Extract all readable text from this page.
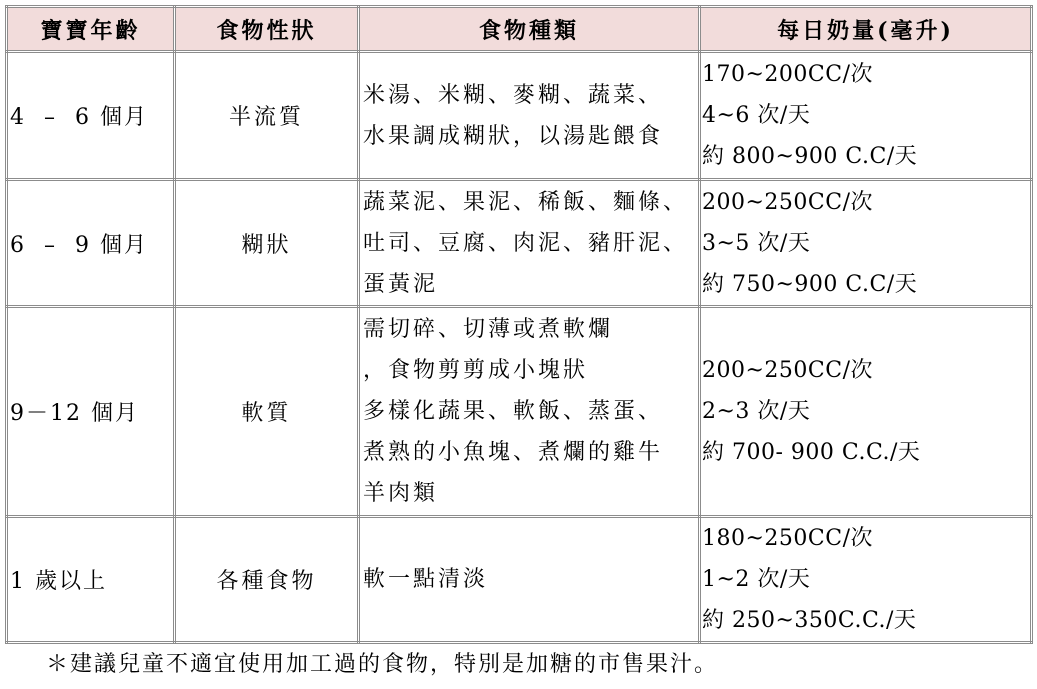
寶寶年齡	食物性狀	食物種類	每日奶量(毫升)
4  –  6 個月	半流質	米湯、米糊、麥糊、蔬菜、
水果調成糊狀，以湯匙餵食	170~200CC/次
4~6 次/天
約 800~900 C.C/天

6  –  9 個月	糊狀	蔬菜泥、果泥、稀飯、麵條、
吐司、豆腐、肉泥、豬肝泥、
蛋黃泥	200~250CC/次
3~5 次/天
約 750~900 C.C/天

9－12 個月	軟質	需切碎、切薄或煮軟爛
，食物剪剪成小塊狀
多樣化蔬果、軟飯、蒸蛋、
煮熟的小魚塊、煮爛的雞牛
羊肉類	200~250CC/次
2~3 次/天
約 700- 900 C.C./天

1 歲以上	各種食物	軟一點清淡	180~250CC/次
1~2 次/天
約 250~350C.C./天
＊建議兒童不適宜使用加工過的食物，特別是加糖的市售果汁。
